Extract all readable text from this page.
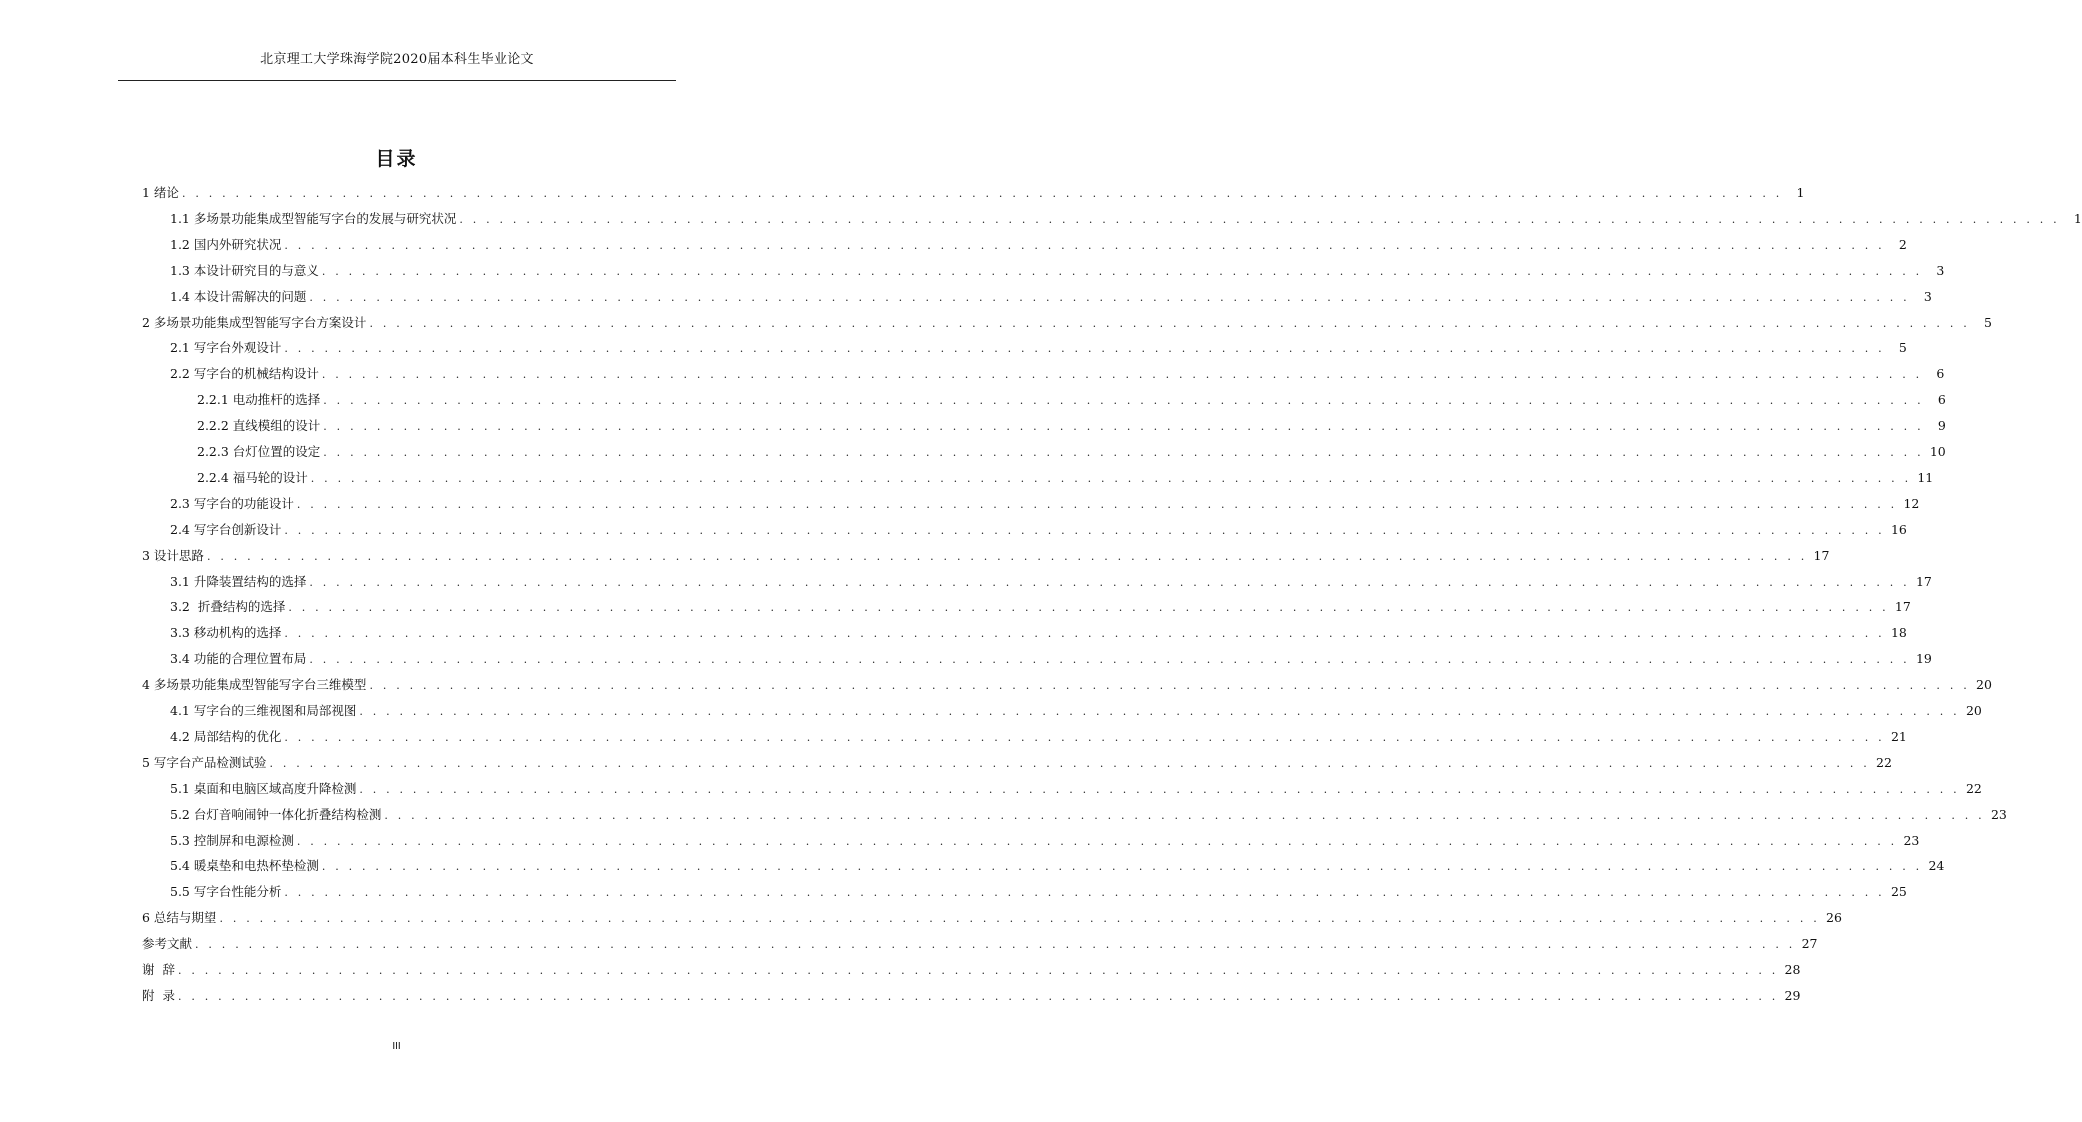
北京理工大学珠海学院2020届本科生毕业论文
目录
1 绪论 . . . . . . . . . . . . . . . . . . . . . . . . . . . . . . . . . . . . . . . . . . . . . . . . . . . . . . . . . . . . . . . . . . . . . . . . . . . . . . . . . . . . . . . . . . . . . . . . . . . . . . . . . . . . . . . . . . . . . . . .	1
1.1 多场景功能集成型智能写字台的发展与研究状况 . . . . . . . . . . . . . . . . . . . . . . . . . . . . . . . . . . . . . . . . . . . . . . . . . . . . . . . . . . . . . . . . . . . . . . . . . . . . . . . . . . . . . . . . . . . . . . . . . . . . . . . . . . . . . . . . . . . . . . . .	1
1.2 国内外研究状况 . . . . . . . . . . . . . . . . . . . . . . . . . . . . . . . . . . . . . . . . . . . . . . . . . . . . . . . . . . . . . . . . . . . . . . . . . . . . . . . . . . . . . . . . . . . . . . . . . . . . . . . . . . . . . . . . . . . . . . . .	2
1.3 本设计研究目的与意义 . . . . . . . . . . . . . . . . . . . . . . . . . . . . . . . . . . . . . . . . . . . . . . . . . . . . . . . . . . . . . . . . . . . . . . . . . . . . . . . . . . . . . . . . . . . . . . . . . . . . . . . . . . . . . . . . . . . . . . . .	3
1.4 本设计需解决的问题 . . . . . . . . . . . . . . . . . . . . . . . . . . . . . . . . . . . . . . . . . . . . . . . . . . . . . . . . . . . . . . . . . . . . . . . . . . . . . . . . . . . . . . . . . . . . . . . . . . . . . . . . . . . . . . . . . . . . . . . .	3
2 多场景功能集成型智能写字台方案设计 . . . . . . . . . . . . . . . . . . . . . . . . . . . . . . . . . . . . . . . . . . . . . . . . . . . . . . . . . . . . . . . . . . . . . . . . . . . . . . . . . . . . . . . . . . . . . . . . . . . . . . . . . . . . . . . . . . . . . . . .	5
2.1 写字台外观设计 . . . . . . . . . . . . . . . . . . . . . . . . . . . . . . . . . . . . . . . . . . . . . . . . . . . . . . . . . . . . . . . . . . . . . . . . . . . . . . . . . . . . . . . . . . . . . . . . . . . . . . . . . . . . . . . . . . . . . . . .	5
2.2 写字台的机械结构设计 . . . . . . . . . . . . . . . . . . . . . . . . . . . . . . . . . . . . . . . . . . . . . . . . . . . . . . . . . . . . . . . . . . . . . . . . . . . . . . . . . . . . . . . . . . . . . . . . . . . . . . . . . . . . . . . . . . . . . . . .	6
2.2.1 电动推杆的选择 . . . . . . . . . . . . . . . . . . . . . . . . . . . . . . . . . . . . . . . . . . . . . . . . . . . . . . . . . . . . . . . . . . . . . . . . . . . . . . . . . . . . . . . . . . . . . . . . . . . . . . . . . . . . . . . . . . . . . . . .	6
2.2.2 直线模组的设计 . . . . . . . . . . . . . . . . . . . . . . . . . . . . . . . . . . . . . . . . . . . . . . . . . . . . . . . . . . . . . . . . . . . . . . . . . . . . . . . . . . . . . . . . . . . . . . . . . . . . . . . . . . . . . . . . . . . . . . . .	9
2.2.3 台灯位置的设定 . . . . . . . . . . . . . . . . . . . . . . . . . . . . . . . . . . . . . . . . . . . . . . . . . . . . . . . . . . . . . . . . . . . . . . . . . . . . . . . . . . . . . . . . . . . . . . . . . . . . . . . . . . . . . . . . . . . . . . . . 10
2.2.4 福马轮的设计 . . . . . . . . . . . . . . . . . . . . . . . . . . . . . . . . . . . . . . . . . . . . . . . . . . . . . . . . . . . . . . . . . . . . . . . . . . . . . . . . . . . . . . . . . . . . . . . . . . . . . . . . . . . . . . . . . . . . . . . . 11
2.3 写字台的功能设计 . . . . . . . . . . . . . . . . . . . . . . . . . . . . . . . . . . . . . . . . . . . . . . . . . . . . . . . . . . . . . . . . . . . . . . . . . . . . . . . . . . . . . . . . . . . . . . . . . . . . . . . . . . . . . . . . . . . . . . . . 12
2.4 写字台创新设计 . . . . . . . . . . . . . . . . . . . . . . . . . . . . . . . . . . . . . . . . . . . . . . . . . . . . . . . . . . . . . . . . . . . . . . . . . . . . . . . . . . . . . . . . . . . . . . . . . . . . . . . . . . . . . . . . . . . . . . . . 16
3 设计思路 . . . . . . . . . . . . . . . . . . . . . . . . . . . . . . . . . . . . . . . . . . . . . . . . . . . . . . . . . . . . . . . . . . . . . . . . . . . . . . . . . . . . . . . . . . . . . . . . . . . . . . . . . . . . . . . . . . . . . . . . 17
3.1 升降装置结构的选择 . . . . . . . . . . . . . . . . . . . . . . . . . . . . . . . . . . . . . . . . . . . . . . . . . . . . . . . . . . . . . . . . . . . . . . . . . . . . . . . . . . . . . . . . . . . . . . . . . . . . . . . . . . . . . . . . . . . . . . . . 17
3.2  折叠结构的选择 . . . . . . . . . . . . . . . . . . . . . . . . . . . . . . . . . . . . . . . . . . . . . . . . . . . . . . . . . . . . . . . . . . . . . . . . . . . . . . . . . . . . . . . . . . . . . . . . . . . . . . . . . . . . . . . . . . . . . . . . 17
3.3 移动机构的选择 . . . . . . . . . . . . . . . . . . . . . . . . . . . . . . . . . . . . . . . . . . . . . . . . . . . . . . . . . . . . . . . . . . . . . . . . . . . . . . . . . . . . . . . . . . . . . . . . . . . . . . . . . . . . . . . . . . . . . . . . 18
3.4 功能的合理位置布局 . . . . . . . . . . . . . . . . . . . . . . . . . . . . . . . . . . . . . . . . . . . . . . . . . . . . . . . . . . . . . . . . . . . . . . . . . . . . . . . . . . . . . . . . . . . . . . . . . . . . . . . . . . . . . . . . . . . . . . . . 19
4 多场景功能集成型智能写字台三维模型 . . . . . . . . . . . . . . . . . . . . . . . . . . . . . . . . . . . . . . . . . . . . . . . . . . . . . . . . . . . . . . . . . . . . . . . . . . . . . . . . . . . . . . . . . . . . . . . . . . . . . . . . . . . . . . . . . . . . . . . . 20
4.1 写字台的三维视图和局部视图 . . . . . . . . . . . . . . . . . . . . . . . . . . . . . . . . . . . . . . . . . . . . . . . . . . . . . . . . . . . . . . . . . . . . . . . . . . . . . . . . . . . . . . . . . . . . . . . . . . . . . . . . . . . . . . . . . . . . . . . . 20
4.2 局部结构的优化 . . . . . . . . . . . . . . . . . . . . . . . . . . . . . . . . . . . . . . . . . . . . . . . . . . . . . . . . . . . . . . . . . . . . . . . . . . . . . . . . . . . . . . . . . . . . . . . . . . . . . . . . . . . . . . . . . . . . . . . . 21
5 写字台产品检测试验 . . . . . . . . . . . . . . . . . . . . . . . . . . . . . . . . . . . . . . . . . . . . . . . . . . . . . . . . . . . . . . . . . . . . . . . . . . . . . . . . . . . . . . . . . . . . . . . . . . . . . . . . . . . . . . . . . . . . . . . . 22
5.1 桌面和电脑区域高度升降检测 . . . . . . . . . . . . . . . . . . . . . . . . . . . . . . . . . . . . . . . . . . . . . . . . . . . . . . . . . . . . . . . . . . . . . . . . . . . . . . . . . . . . . . . . . . . . . . . . . . . . . . . . . . . . . . . . . . . . . . . . 22
5.2 台灯音响闹钟一体化折叠结构检测 . . . . . . . . . . . . . . . . . . . . . . . . . . . . . . . . . . . . . . . . . . . . . . . . . . . . . . . . . . . . . . . . . . . . . . . . . . . . . . . . . . . . . . . . . . . . . . . . . . . . . . . . . . . . . . . . . . . . . . . . 23
5.3 控制屏和电源检测 . . . . . . . . . . . . . . . . . . . . . . . . . . . . . . . . . . . . . . . . . . . . . . . . . . . . . . . . . . . . . . . . . . . . . . . . . . . . . . . . . . . . . . . . . . . . . . . . . . . . . . . . . . . . . . . . . . . . . . . . 23
5.4 暖桌垫和电热杯垫检测 . . . . . . . . . . . . . . . . . . . . . . . . . . . . . . . . . . . . . . . . . . . . . . . . . . . . . . . . . . . . . . . . . . . . . . . . . . . . . . . . . . . . . . . . . . . . . . . . . . . . . . . . . . . . . . . . . . . . . . . . 24
5.5 写字台性能分析 . . . . . . . . . . . . . . . . . . . . . . . . . . . . . . . . . . . . . . . . . . . . . . . . . . . . . . . . . . . . . . . . . . . . . . . . . . . . . . . . . . . . . . . . . . . . . . . . . . . . . . . . . . . . . . . . . . . . . . . . 25
6 总结与期望 . . . . . . . . . . . . . . . . . . . . . . . . . . . . . . . . . . . . . . . . . . . . . . . . . . . . . . . . . . . . . . . . . . . . . . . . . . . . . . . . . . . . . . . . . . . . . . . . . . . . . . . . . . . . . . . . . . . . . . . . 26
参考文献 . . . . . . . . . . . . . . . . . . . . . . . . . . . . . . . . . . . . . . . . . . . . . . . . . . . . . . . . . . . . . . . . . . . . . . . . . . . . . . . . . . . . . . . . . . . . . . . . . . . . . . . . . . . . . . . . . . . . . . . . 27
谢  辞 . . . . . . . . . . . . . . . . . . . . . . . . . . . . . . . . . . . . . . . . . . . . . . . . . . . . . . . . . . . . . . . . . . . . . . . . . . . . . . . . . . . . . . . . . . . . . . . . . . . . . . . . . . . . . . . . . . . . . . . . 28
附  录 . . . . . . . . . . . . . . . . . . . . . . . . . . . . . . . . . . . . . . . . . . . . . . . . . . . . . . . . . . . . . . . . . . . . . . . . . . . . . . . . . . . . . . . . . . . . . . . . . . . . . . . . . . . . . . . . . . . . . . . . 29
III
